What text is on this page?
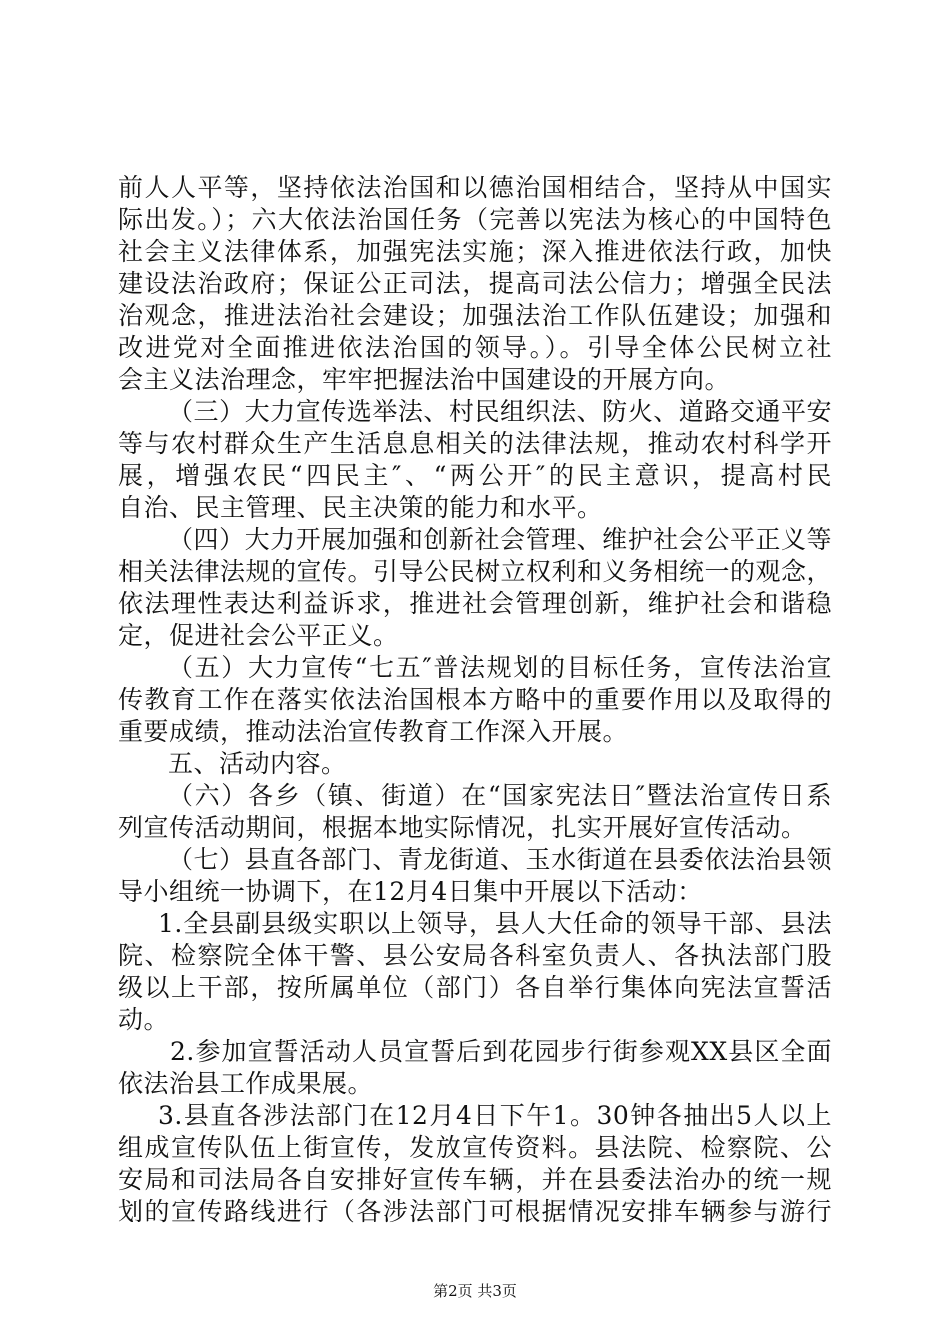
前人人平等，坚持依法治国和以德治国相结合，坚持从中国实
际出发。）；六大依法治国任务（完善以宪法为核心的中国特色
社会主义法律体系，加强宪法实施；深入推进依法行政，加快
建设法治政府；保证公正司法，提高司法公信力；增强全民法
治观念，推进法治社会建设；加强法治工作队伍建设；加强和
改进党对全面推进依法治国的领导。）。引导全体公民树立社
会主义法治理念，牢牢把握法治中国建设的开展方向。
（三）大力宣传选举法、村民组织法、防火、道路交通平安
等与农村群众生产生活息息相关的法律法规，推动农村科学开
展，增强农民“四民主″、“两公开″的民主意识，提高村民
自治、民主管理、民主决策的能力和水平。
（四）大力开展加强和创新社会管理、维护社会公平正义等
相关法律法规的宣传。引导公民树立权利和义务相统一的观念，
依法理性表达利益诉求，推进社会管理创新，维护社会和谐稳
定，促进社会公平正义。
（五）大力宣传“七五″普法规划的目标任务，宣传法治宣
传教育工作在落实依法治国根本方略中的重要作用以及取得的
重要成绩，推动法治宣传教育工作深入开展。
五、活动内容。
（六）各乡（镇、街道）在“国家宪法日″暨法治宣传日系
列宣传活动期间，根据本地实际情况，扎实开展好宣传活动。
（七）县直各部门、青龙街道、玉水街道在县委依法治县领
导小组统一协调下，在12月4日集中开展以下活动：
1.全县副县级实职以上领导，县人大任命的领导干部、县法
院、检察院全体干警、县公安局各科室负责人、各执法部门股
级以上干部，按所属单位（部门）各自举行集体向宪法宣誓活
动。
2.参加宣誓活动人员宣誓后到花园步行街参观XX县区全面
依法治县工作成果展。
3.县直各涉法部门在12月4日下午1。30钟各抽出5人以上
组成宣传队伍上街宣传，发放宣传资料。县法院、检察院、公
安局和司法局各自安排好宣传车辆，并在县委法治办的统一规
划的宣传路线进行（各涉法部门可根据情况安排车辆参与游行
第2页 共3页
